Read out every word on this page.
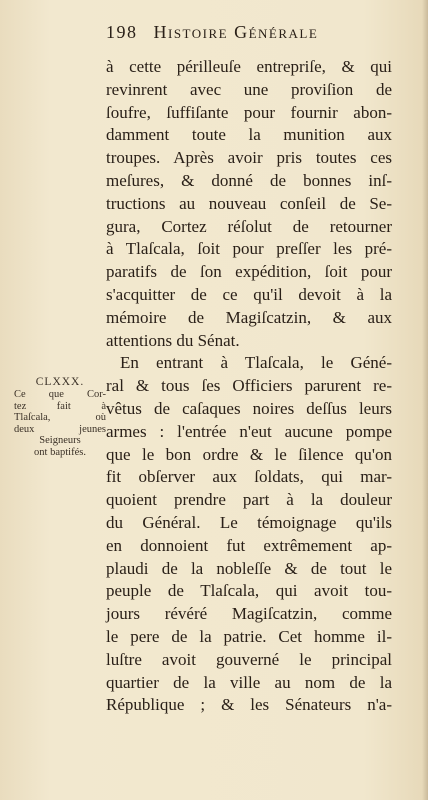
198 Histoire Générale
CLXXX.
Ce que Cor-
tez fait à
Tlaſcala, où
deux jeunes
Seigneurs
ont baptifés.
à cette périlleuſe entrepriſe, & qui
revinrent avec une proviſion de
ſoufre, ſuffiſante pour fournir abon-
damment toute la munition aux
troupes. Après avoir pris toutes ces
meſures, & donné de bonnes inſ-
tructions au nouveau conſeil de Se-
gura, Cortez réſolut de retourner
à Tlaſcala, ſoit pour preſſer les pré-
paratifs de ſon expédition, ſoit pour
s'acquitter de ce qu'il devoit à la
mémoire de Magiſcatzin, & aux
attentions du Sénat.
En entrant à Tlaſcala, le Géné-
ral & tous ſes Officiers parurent re-
vêtus de caſaques noires deſſus leurs
armes : l'entrée n'eut aucune pompe
que le bon ordre & le ſilence qu'on
fit obſerver aux ſoldats, qui mar-
quoient prendre part à la douleur
du Général. Le témoignage qu'ils
en donnoient fut extrêmement ap-
plaudi de la nobleſſe & de tout le
peuple de Tlaſcala, qui avoit tou-
jours révéré Magiſcatzin, comme
le pere de la patrie. Cet homme il-
luſtre avoit gouverné le principal
quartier de la ville au nom de la
République ; & les Sénateurs n'a-
